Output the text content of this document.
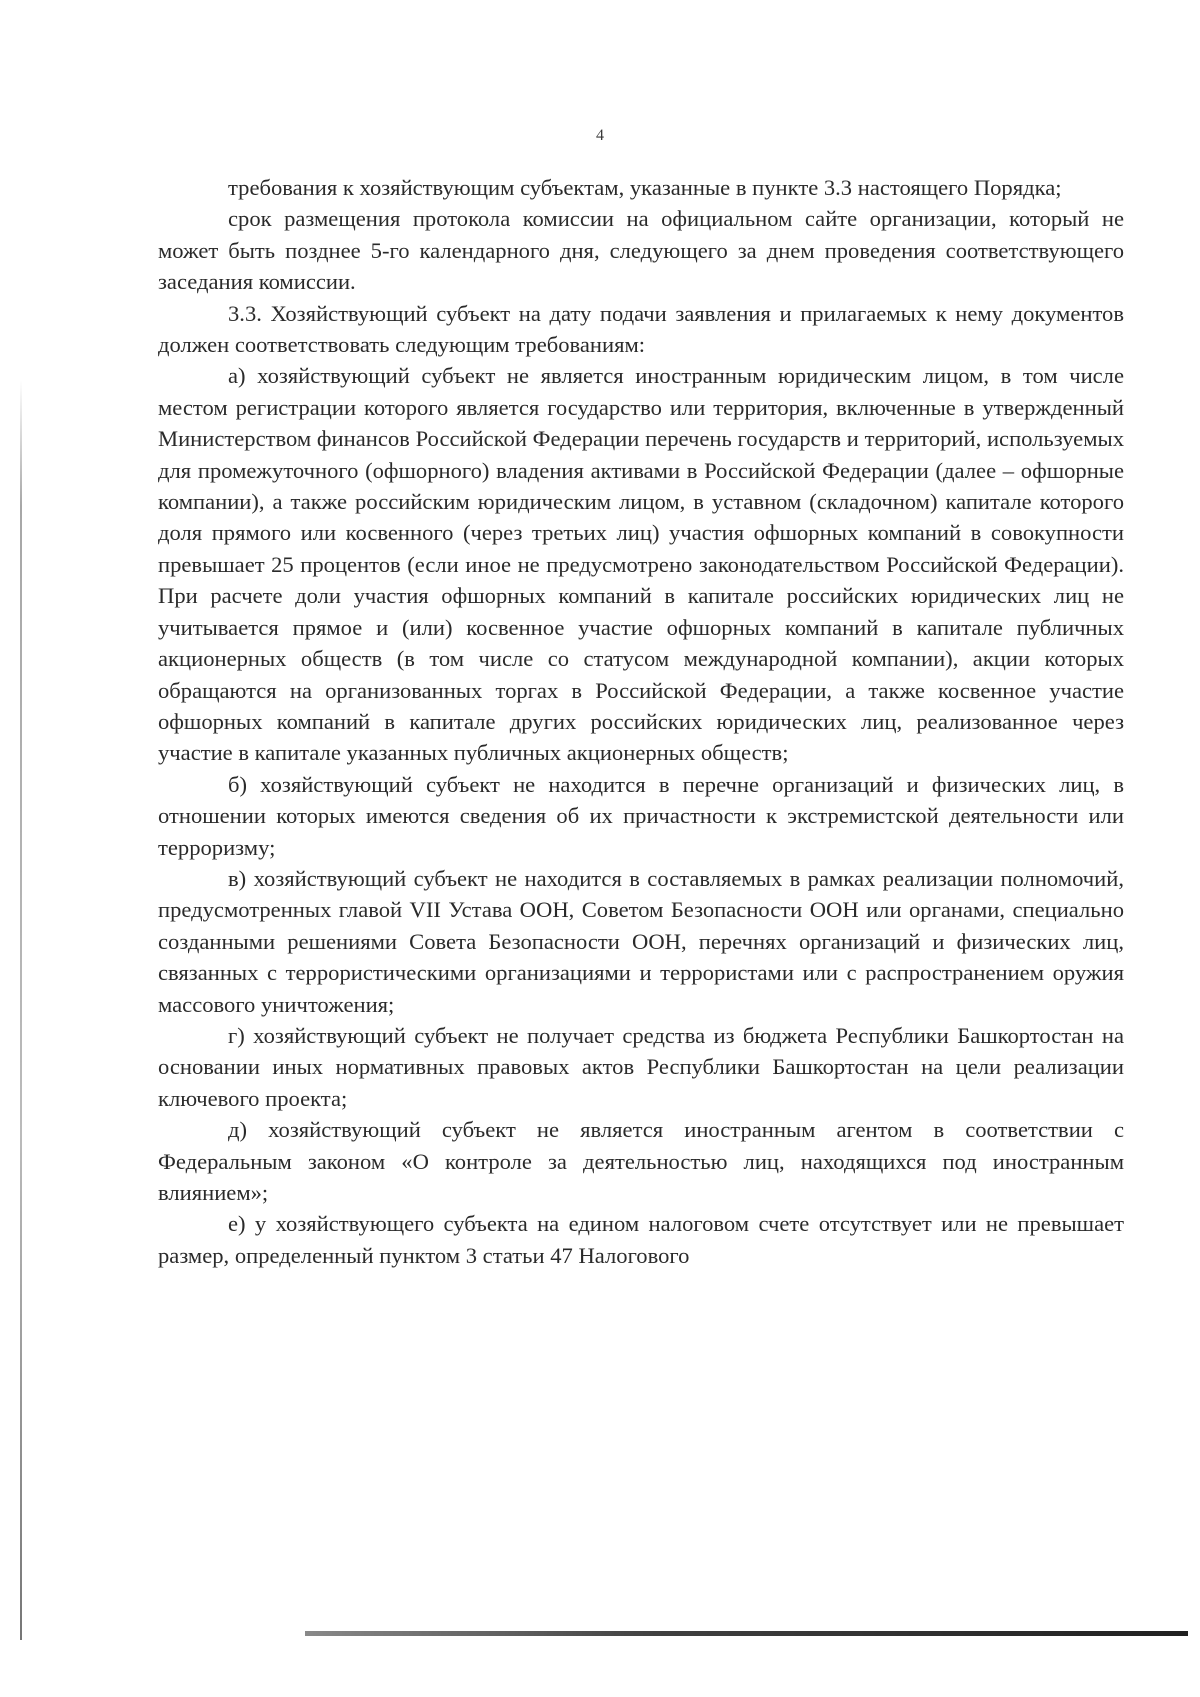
4

требования к хозяйствующим субъектам, указанные в пункте 3.3 настоящего Порядка;

срок размещения протокола комиссии на официальном сайте организации, который не может быть позднее 5-го календарного дня, следующего за днем проведения соответствующего заседания комиссии.

3.3. Хозяйствующий субъект на дату подачи заявления и прилагаемых к нему документов должен соответствовать следующим требованиям:

а) хозяйствующий субъект не является иностранным юридическим лицом, в том числе местом регистрации которого является государство или территория, включенные в утвержденный Министерством финансов Российской Федерации перечень государств и территорий, используемых для промежуточного (офшорного) владения активами в Российской Федерации (далее – офшорные компании), а также российским юридическим лицом, в уставном (складочном) капитале которого доля прямого или косвенного (через третьих лиц) участия офшорных компаний в совокупности превышает 25 процентов (если иное не предусмотрено законодательством Российской Федерации). При расчете доли участия офшорных компаний в капитале российских юридических лиц не учитывается прямое и (или) косвенное участие офшорных компаний в капитале публичных акционерных обществ (в том числе со статусом международной компании), акции которых обращаются на организованных торгах в Российской Федерации, а также косвенное участие офшорных компаний в капитале других российских юридических лиц, реализованное через участие в капитале указанных публичных акционерных обществ;

б) хозяйствующий субъект не находится в перечне организаций и физических лиц, в отношении которых имеются сведения об их причастности к экстремистской деятельности или терроризму;

в) хозяйствующий субъект не находится в составляемых в рамках реализации полномочий, предусмотренных главой VII Устава ООН, Советом Безопасности ООН или органами, специально созданными решениями Совета Безопасности ООН, перечнях организаций и физических лиц, связанных с террористическими организациями и террористами или с распространением оружия массового уничтожения;

г) хозяйствующий субъект не получает средства из бюджета Республики Башкортостан на основании иных нормативных правовых актов Республики Башкортостан на цели реализации ключевого проекта;

д) хозяйствующий субъект не является иностранным агентом в соответствии с Федеральным законом «О контроле за деятельностью лиц, находящихся под иностранным влиянием»;

е) у хозяйствующего субъекта на едином налоговом счете отсутствует или не превышает размер, определенный пунктом 3 статьи 47 Налогового
